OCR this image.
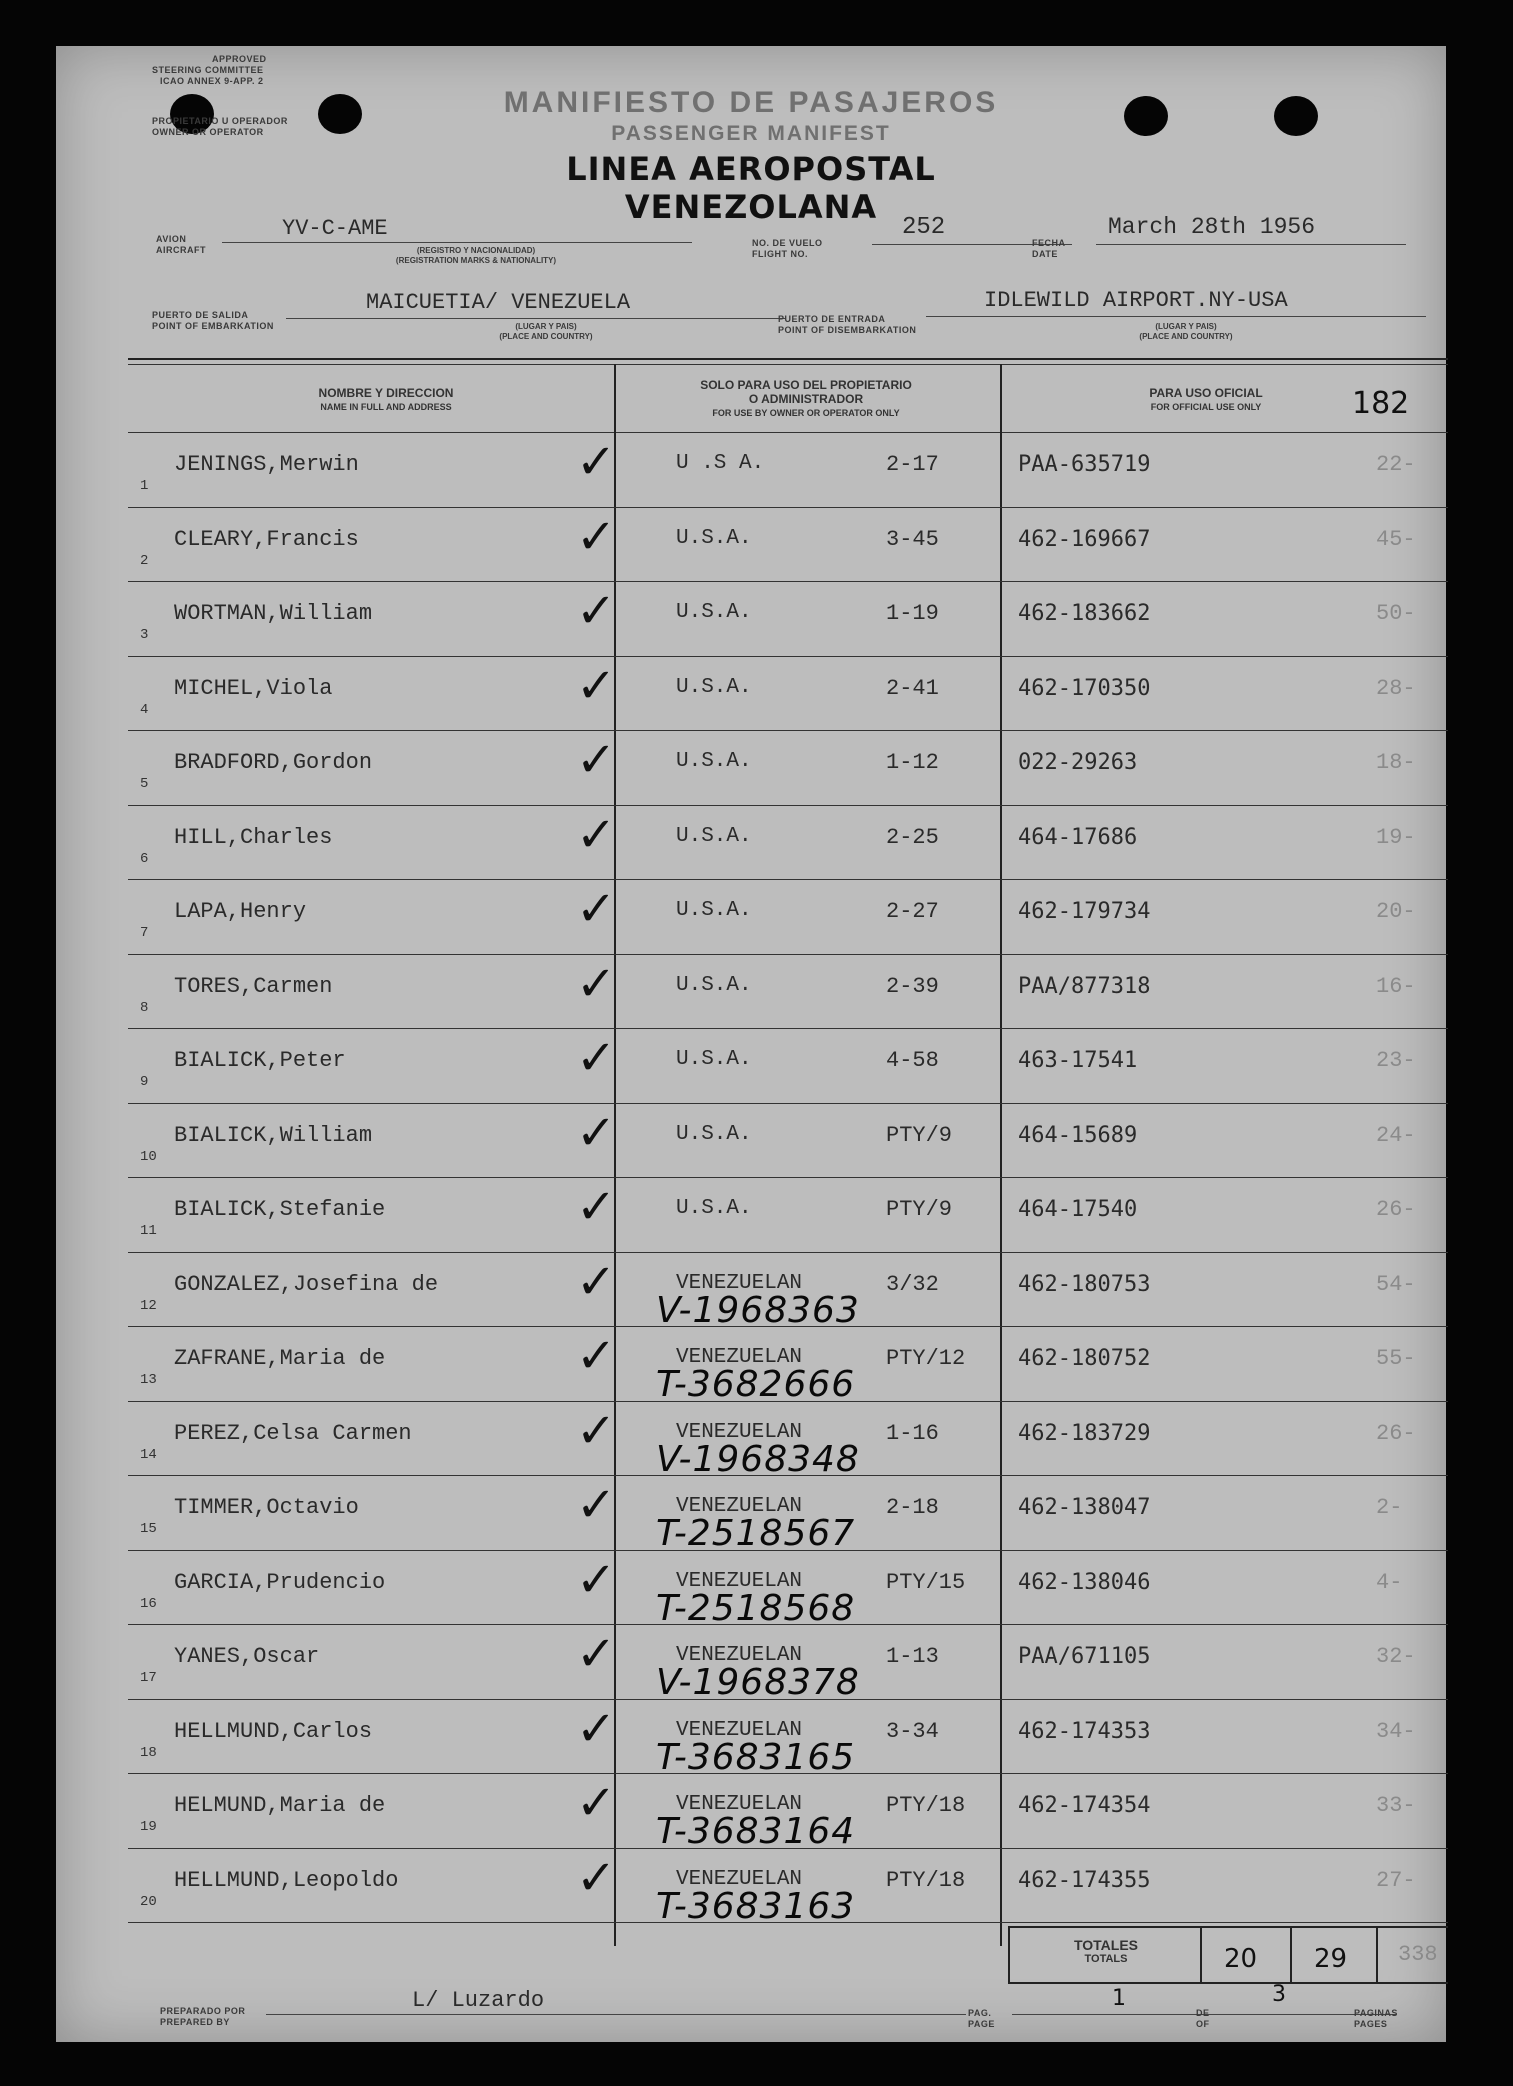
APPROVED
STEERING COMMITTEE
ICAO ANNEX 9-APP. 2
PROPIETARIO U OPERADOR
OWNER OR OPERATOR
MANIFIESTO DE PASAJEROS
PASSENGER MANIFEST
LINEA AEROPOSTAL VENEZOLANA
AVION
AIRCRAFT
YV-C-AME
(REGISTRO Y NACIONALIDAD)
(REGISTRATION MARKS & NATIONALITY)
NO. DE VUELO
FLIGHT NO.
252
FECHA
DATE
March 28th 1956
PUERTO DE SALIDA
POINT OF EMBARKATION
MAICUETIA/ VENEZUELA
(LUGAR Y PAIS)
(PLACE AND COUNTRY)
PUERTO DE ENTRADA
POINT OF DISEMBARKATION
IDLEWILD AIRPORT.NY-USA
(LUGAR Y PAIS)
(PLACE AND COUNTRY)
NOMBRE Y DIRECCION
NAME IN FULL AND ADDRESS
SOLO PARA USO DEL PROPIETARIO
O ADMINISTRADOR
FOR USE BY OWNER OR OPERATOR ONLY
PARA USO OFICIAL
FOR OFFICIAL USE ONLY	182
TOTALES
TOTALS	20 29 338
PREPARADO POR
PREPARED BY
L/ Luzardo	PAG.
PAGE
1
DE
OF
3
PAGINAS
PAGES
1
JENINGS,Merwin	✓	U .S A.	2-17	PAA-635719	22-
2
CLEARY,Francis	✓	U.S.A.	3-45	462-169667	45-
3
WORTMAN,William	✓	U.S.A.	1-19	462-183662	50-
4
MICHEL,Viola	✓	U.S.A.	2-41	462-170350	28-
5
BRADFORD,Gordon	✓	U.S.A.	1-12	022-29263	18-
6
HILL,Charles	✓	U.S.A.	2-25	464-17686	19-
7
LAPA,Henry	✓	U.S.A.	2-27	462-179734	20-
8
TORES,Carmen	✓	U.S.A.	2-39	PAA/877318	16-
9
BIALICK,Peter	✓	U.S.A.	4-58	463-17541	23-
10
BIALICK,William	✓	U.S.A.	PTY/9	464-15689	24-
11
BIALICK,Stefanie	✓	U.S.A.	PTY/9	464-17540	26-
12
GONZALEZ,Josefina de	✓	VENEZUELAN	3/32	462-180753	54-
V-1968363
13
ZAFRANE,Maria de	✓	VENEZUELAN	PTY/12 462-180752	55-
T-3682666
14
PEREZ,Celsa Carmen	✓	VENEZUELAN	1-16	462-183729	26-
V-1968348
15
TIMMER,Octavio	✓	VENEZUELAN	2-18	462-138047	2-
T-2518567
16
GARCIA,Prudencio	✓	VENEZUELAN	PTY/15 462-138046	4-
T-2518568
17
YANES,Oscar	✓	VENEZUELAN	1-13	PAA/671105	32-
V-1968378
18
HELLMUND,Carlos	✓	VENEZUELAN	3-34	462-174353	34-
T-3683165
19
HELMUND,Maria de	✓	VENEZUELAN	PTY/18 462-174354	33-
T-3683164
20
HELLMUND,Leopoldo	✓	VENEZUELAN	PTY/18 462-174355	27-
T-3683163
